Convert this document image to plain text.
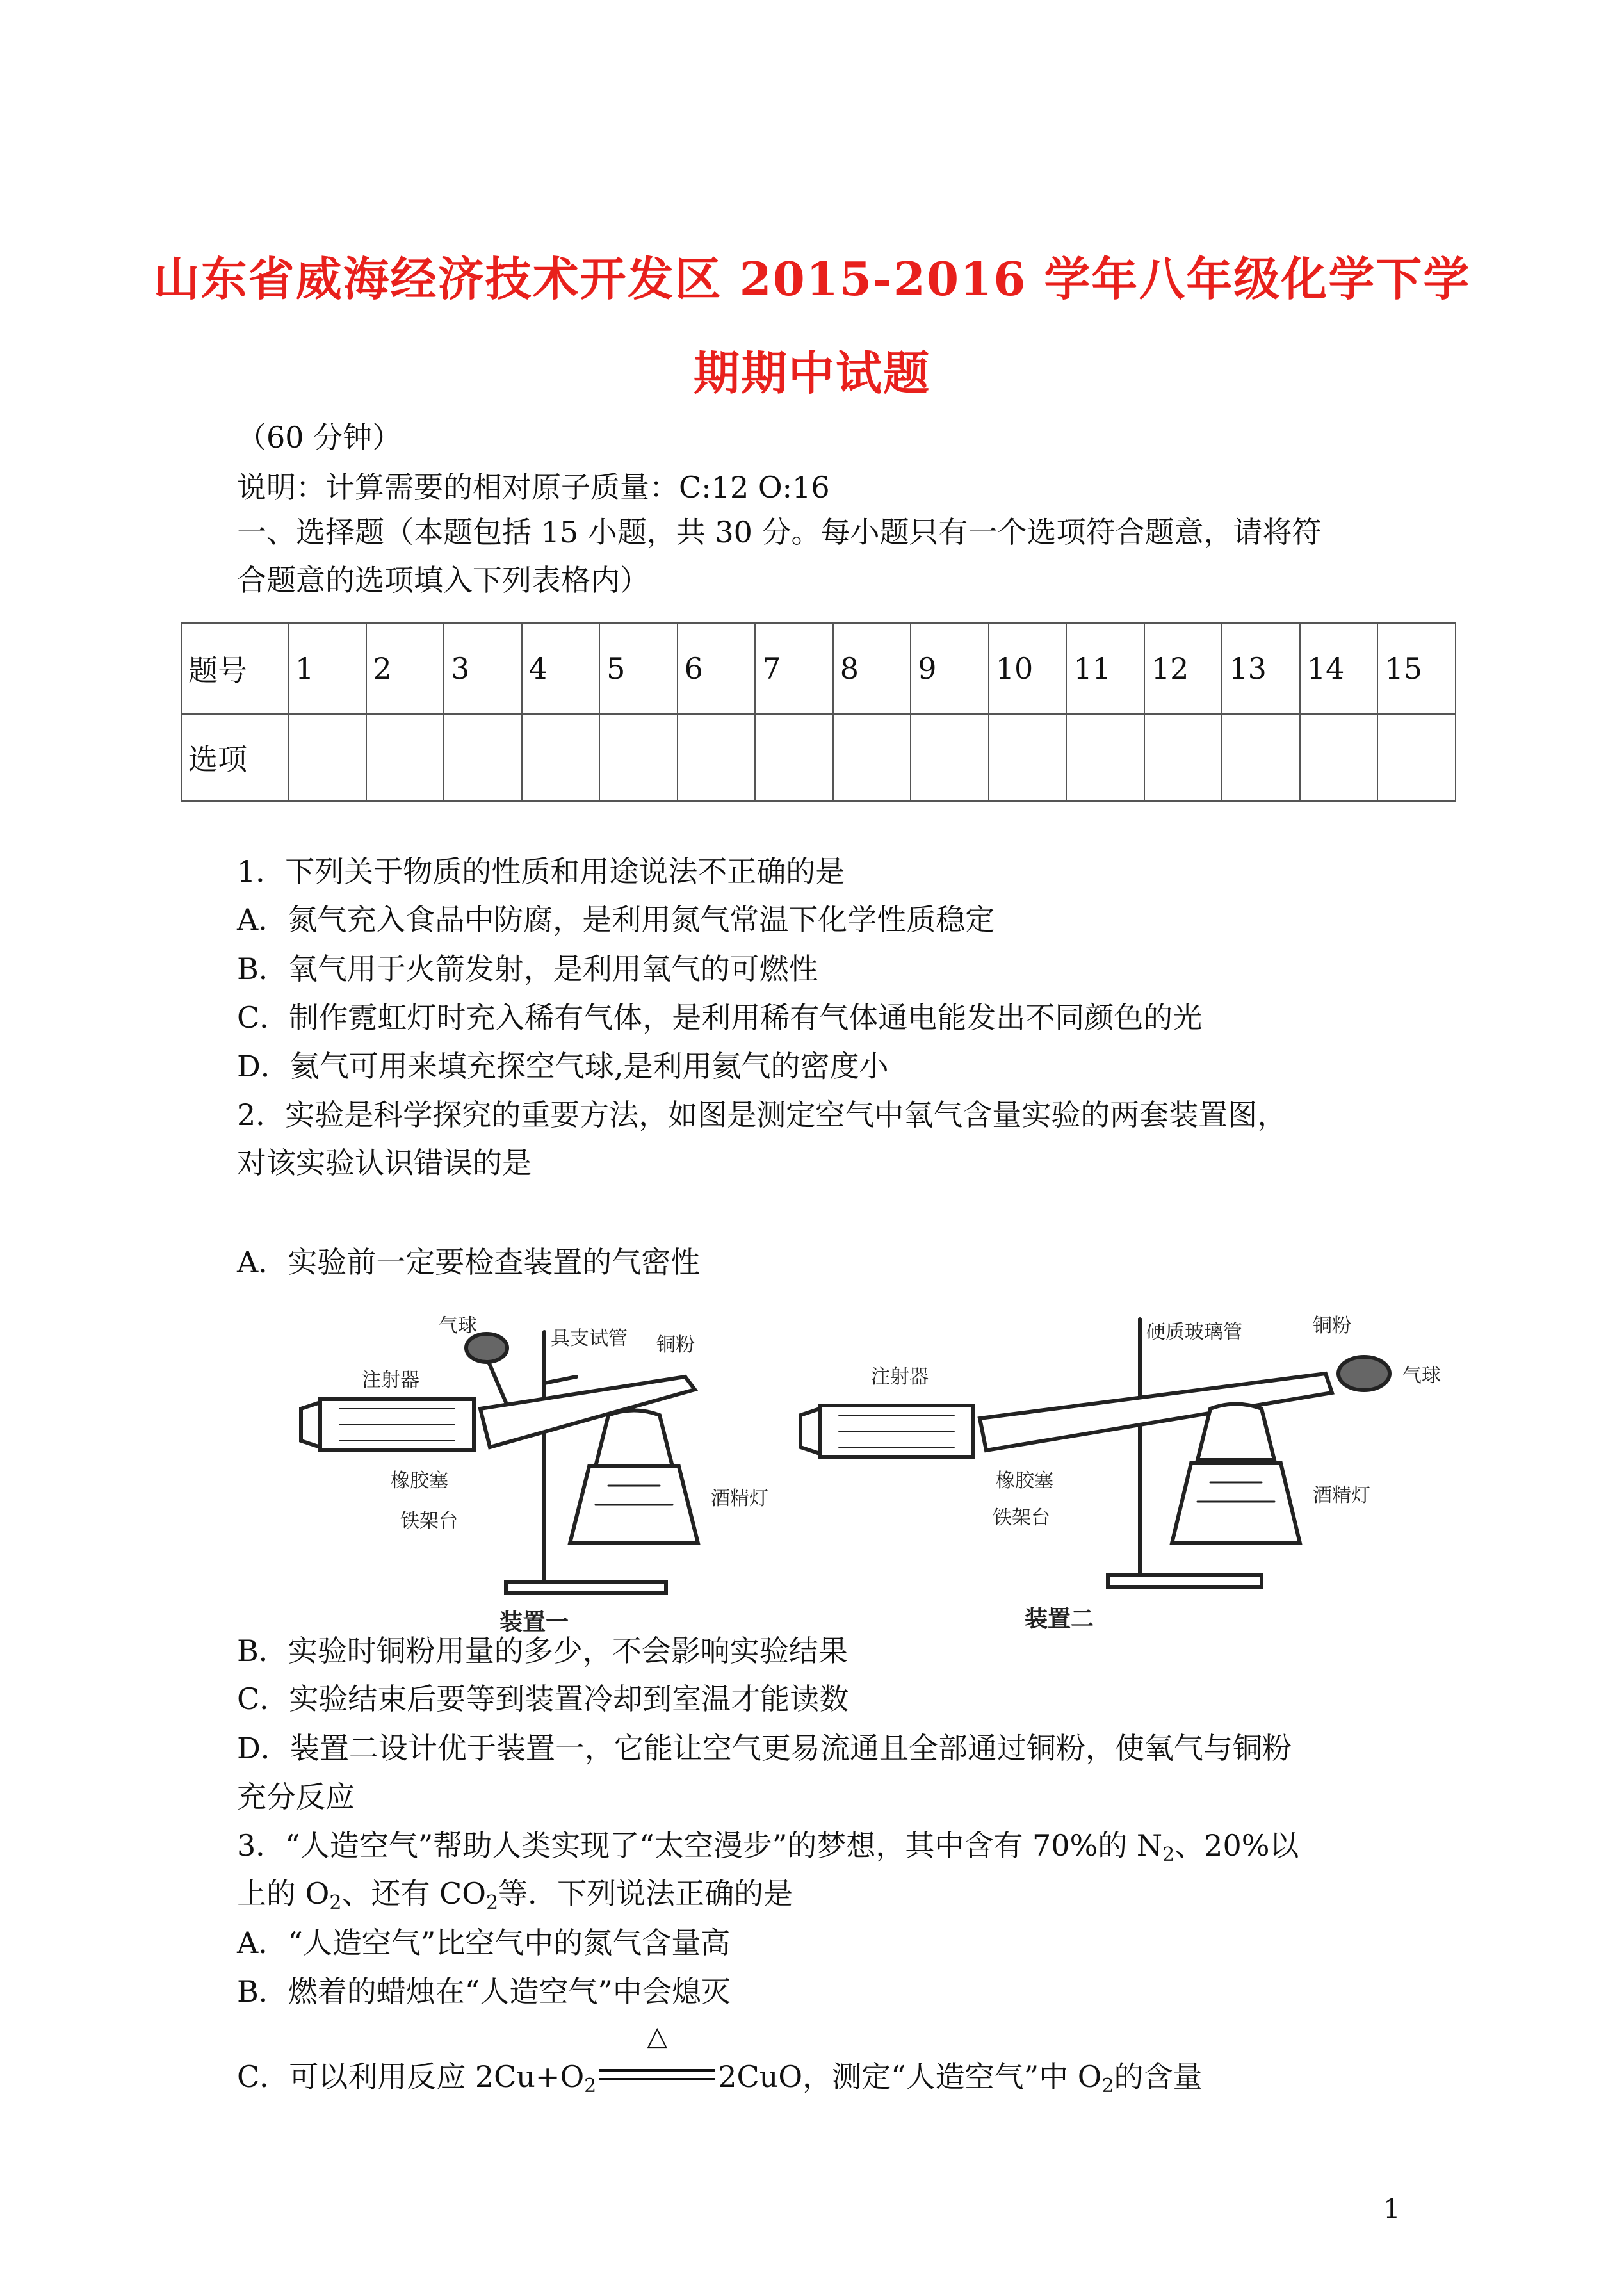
山东省威海经济技术开发区 2015-2016 学年八年级化学下学
期期中试题
（60 分钟）
说明：计算需要的相对原子质量：C:12 O:16
一、选择题（本题包括 15 小题，共 30 分。每小题只有一个选项符合题意，请将符
合题意的选项填入下列表格内）
题号	1	2	3	4	5	6	7	8	9	10	11	12	13	14	15
选项															
1．下列关于物质的性质和用途说法不正确的是
A．氮气充入食品中防腐，是利用氮气常温下化学性质稳定
B．氧气用于火箭发射，是利用氧气的可燃性
C．制作霓虹灯时充入稀有气体，是利用稀有气体通电能发出不同颜色的光
D．氦气可用来填充探空气球,是利用氦气的密度小
2．实验是科学探究的重要方法，如图是测定空气中氧气含量实验的两套装置图，
对该实验认识错误的是
A．实验前一定要检查装置的气密性
气球
注射器
具支试管 铜粉
橡胶塞
铁架台
酒精灯
装置一
注射器
硬质玻璃管	铜粉
气球
橡胶塞
铁架台
酒精灯
装置二
B．实验时铜粉用量的多少，不会影响实验结果
C．实验结束后要等到装置冷却到室温才能读数
D．装置二设计优于装置一，它能让空气更易流通且全部通过铜粉，使氧气与铜粉
充分反应
3．“人造空气”帮助人类实现了“太空漫步”的梦想，其中含有 70%的 $N_2$、20%以
上的 $O_2$、还有 $CO_2$等．下列说法正确的是
A．“人造空气”比空气中的氮气含量高
B．燃着的蜡烛在“人造空气”中会熄灭
C．可以利用反应 $2Cu+O_2$
△
2CuO，测定“人造空气”中 $O_2$的含量
1
